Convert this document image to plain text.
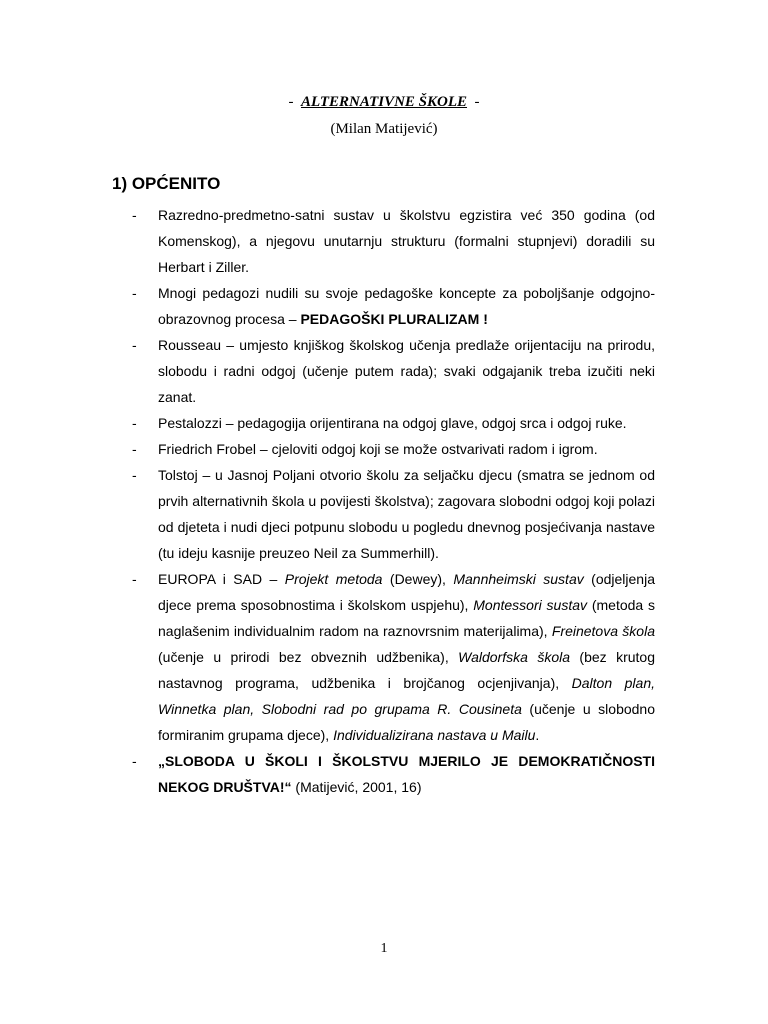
- ALTERNATIVNE ŠKOLE -
(Milan Matijević)
1) OPĆENITO
- Razredno-predmetno-satni sustav u školstvu egzistira već 350 godina (od Komenskog), a njegovu unutarnju strukturu (formalni stupnjevi) doradili su Herbart i Ziller.
- Mnogi pedagozi nudili su svoje pedagoške koncepte za poboljšanje odgojno-obrazovnog procesa – PEDAGOŠKI PLURALIZAM !
- Rousseau – umjesto knjiškog školskog učenja predlaže orijentaciju na prirodu, slobodu i radni odgoj (učenje putem rada); svaki odgajanik treba izučiti neki zanat.
- Pestalozzi – pedagogija orijentirana na odgoj glave, odgoj srca i odgoj ruke.
- Friedrich Frobel – cjeloviti odgoj koji se može ostvarivati radom i igrom.
- Tolstoj – u Jasnoj Poljani otvorio školu za seljačku djecu (smatra se jednom od prvih alternativnih škola u povijesti školstva); zagovara slobodni odgoj koji polazi od djeteta i nudi djeci potpunu slobodu u pogledu dnevnog posjećivanja nastave (tu ideju kasnije preuzeo Neil za Summerhill).
- EUROPA i SAD – Projekt metoda (Dewey), Mannheimski sustav (odjeljenja djece prema sposobnostima i školskom uspjehu), Montessori sustav (metoda s naglašenim individualnim radom na raznovrsnim materijalima), Freinetova škola (učenje u prirodi bez obveznih udžbenika), Waldorfska škola (bez krutog nastavnog programa, udžbenika i brojčanog ocjenjivanja), Dalton plan, Winnetka plan, Slobodni rad po grupama R. Cousineta (učenje u slobodno formiranim grupama djece), Individualizirana nastava u Mailu.
- „SLOBODA U ŠKOLI I ŠKOLSTVU MJERILO JE DEMOKRATIČNOSTI NEKOG DRUŠTVA!“ (Matijević, 2001, 16)
1
